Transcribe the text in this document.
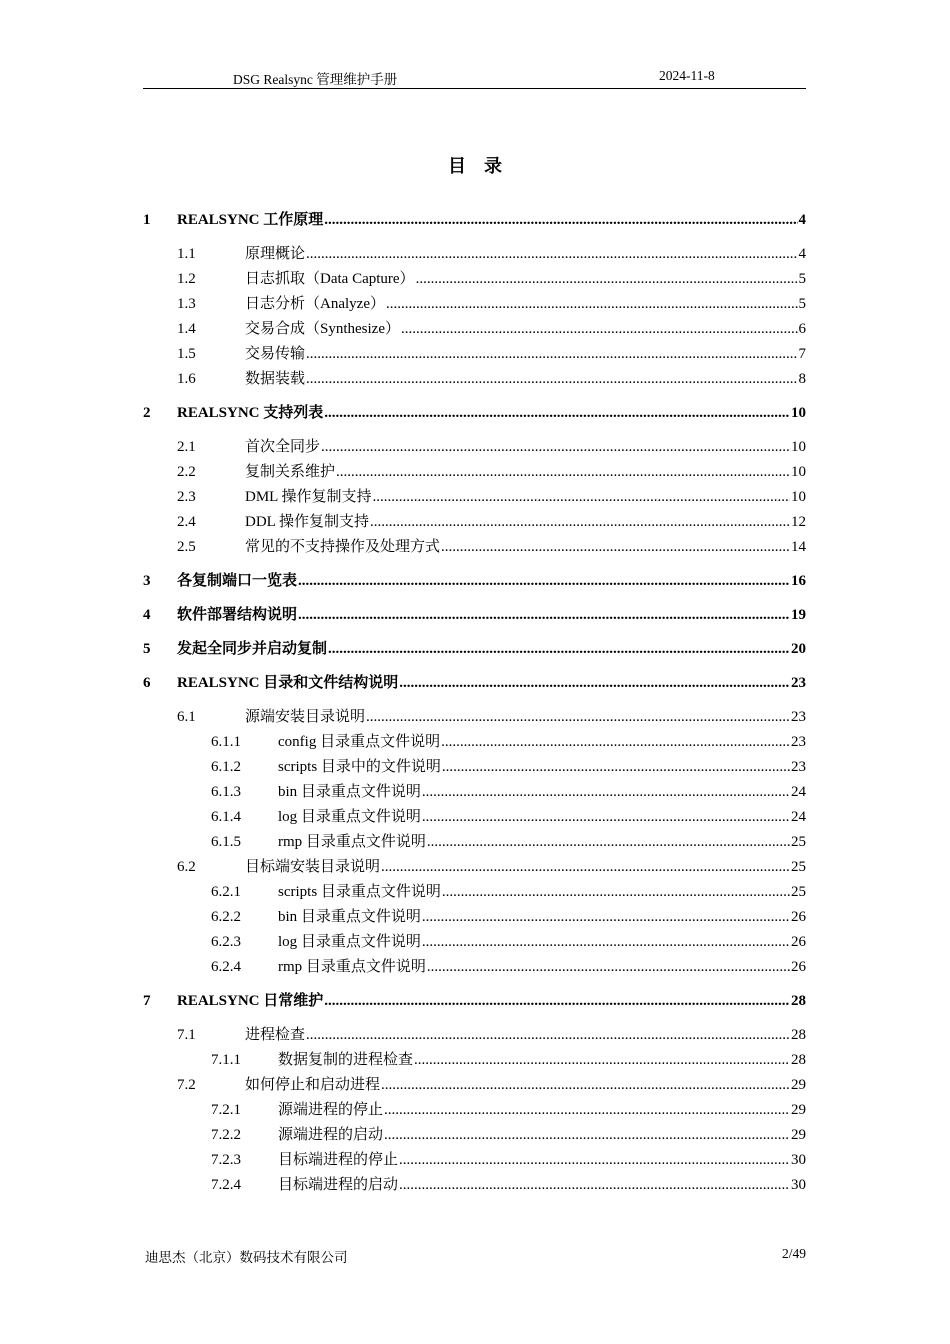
DSG Realsync 管理维护手册	2024-11-8
目录
1	REALSYNC 工作原理 .....	4
1.1	原理概论 .....	4
1.2	日志抓取（Data Capture） .....	5
1.3	日志分析（Analyze） .....	5
1.4	交易合成（Synthesize） .....	6
1.5	交易传输 .....	7
1.6	数据装载 .....	8
2	REALSYNC 支持列表 .....	10
2.1	首次全同步 .....	10
2.2	复制关系维护 .....	10
2.3	DML 操作复制支持 .....	10
2.4	DDL 操作复制支持 .....	12
2.5	常见的不支持操作及处理方式 .....	14
3	各复制端口一览表 .....	16
4	软件部署结构说明 .....	19
5	发起全同步并启动复制 .....	20
6	REALSYNC 目录和文件结构说明 .....	23
6.1	源端安装目录说明 .....	23
6.1.1	config 目录重点文件说明 .....	23
6.1.2	scripts 目录中的文件说明 .....	23
6.1.3	bin 目录重点文件说明 .....	24
6.1.4	log 目录重点文件说明 .....	24
6.1.5	rmp 目录重点文件说明 .....	25
6.2	目标端安装目录说明 .....	25
6.2.1	scripts 目录重点文件说明 .....	25
6.2.2	bin 目录重点文件说明 .....	26
6.2.3	log 目录重点文件说明 .....	26
6.2.4	rmp 目录重点文件说明 .....	26
7	REALSYNC 日常维护 .....	28
7.1	进程检查 .....	28
7.1.1	数据复制的进程检查 .....	28
7.2	如何停止和启动进程 .....	29
7.2.1	源端进程的停止 .....	29
7.2.2	源端进程的启动 .....	29
7.2.3	目标端进程的停止 .....	30
7.2.4	目标端进程的启动 .....	30
迪思杰（北京）数码技术有限公司	2/49
